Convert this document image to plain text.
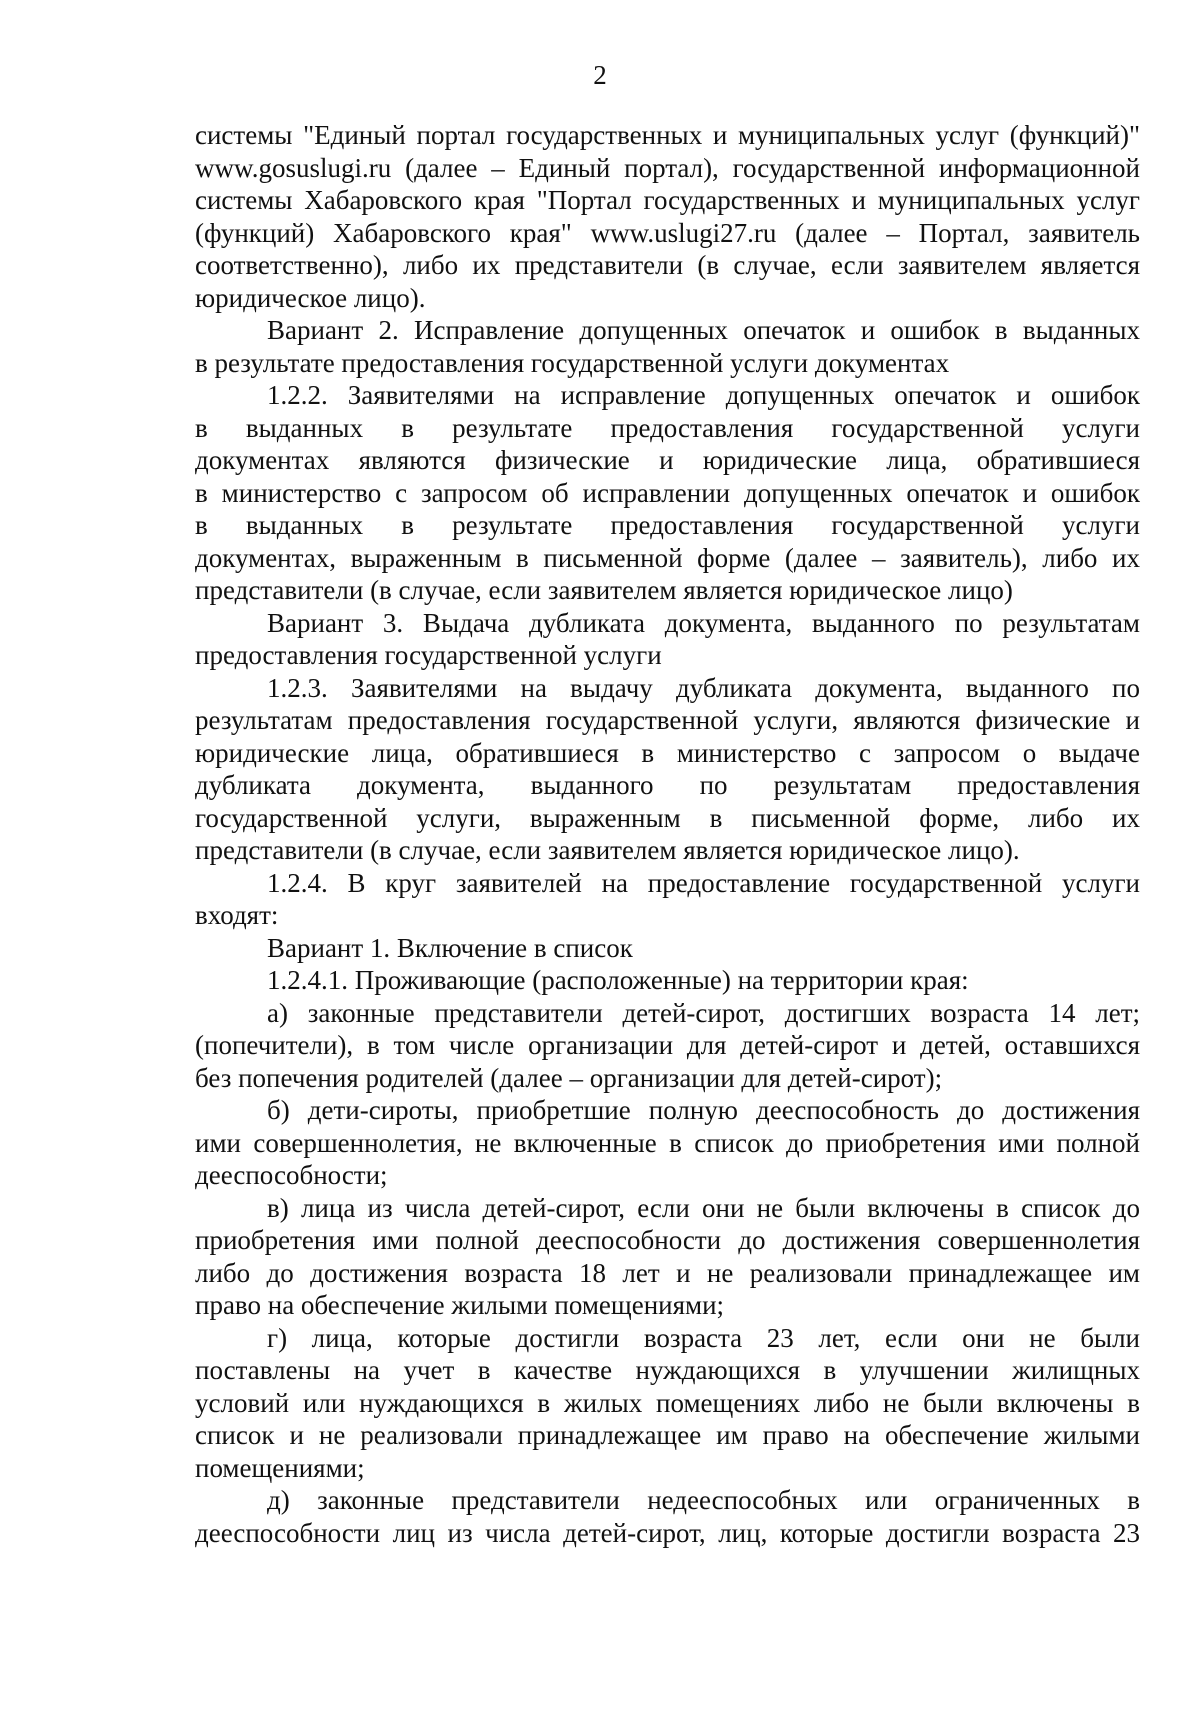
2

системы "Единый портал государственных и муниципальных услуг (функций)"
www.gosuslugi.ru (далее – Единый портал), государственной информационной
системы Хабаровского края "Портал государственных и муниципальных услуг
(функций) Хабаровского края" www.uslugi27.ru (далее – Портал, заявитель
соответственно), либо их представители (в случае, если заявителем является
юридическое лицо).

Вариант 2. Исправление допущенных опечаток и ошибок в выданных
в результате предоставления государственной услуги документах

1.2.2. Заявителями на исправление допущенных опечаток и ошибок
в выданных в результате предоставления государственной услуги
документах являются физические и юридические лица, обратившиеся
в министерство с запросом об исправлении допущенных опечаток и ошибок
в выданных в результате предоставления государственной услуги
документах, выраженным в письменной форме (далее – заявитель), либо их
представители (в случае, если заявителем является юридическое лицо)

Вариант 3. Выдача дубликата документа, выданного по результатам
предоставления государственной услуги

1.2.3. Заявителями на выдачу дубликата документа, выданного по
результатам предоставления государственной услуги, являются физические и
юридические лица, обратившиеся в министерство с запросом о выдаче
дубликата документа, выданного по результатам предоставления
государственной услуги, выраженным в письменной форме, либо их
представители (в случае, если заявителем является юридическое лицо).

1.2.4. В круг заявителей на предоставление государственной услуги
входят:

Вариант 1. Включение в список

1.2.4.1. Проживающие (расположенные) на территории края:

а) законные представители детей-сирот, достигших возраста 14 лет;
(попечители), в том числе организации для детей-сирот и детей, оставшихся
без попечения родителей (далее – организации для детей-сирот);

б) дети-сироты, приобретшие полную дееспособность до достижения
ими совершеннолетия, не включенные в список до приобретения ими полной
дееспособности;

в) лица из числа детей-сирот, если они не были включены в список до
приобретения ими полной дееспособности до достижения совершеннолетия
либо до достижения возраста 18 лет и не реализовали принадлежащее им
право на обеспечение жилыми помещениями;

г) лица, которые достигли возраста 23 лет, если они не были
поставлены на учет в качестве нуждающихся в улучшении жилищных
условий или нуждающихся в жилых помещениях либо не были включены в
список и не реализовали принадлежащее им право на обеспечение жилыми
помещениями;

д) законные представители недееспособных или ограниченных в
дееспособности лиц из числа детей-сирот, лиц, которые достигли возраста 23
